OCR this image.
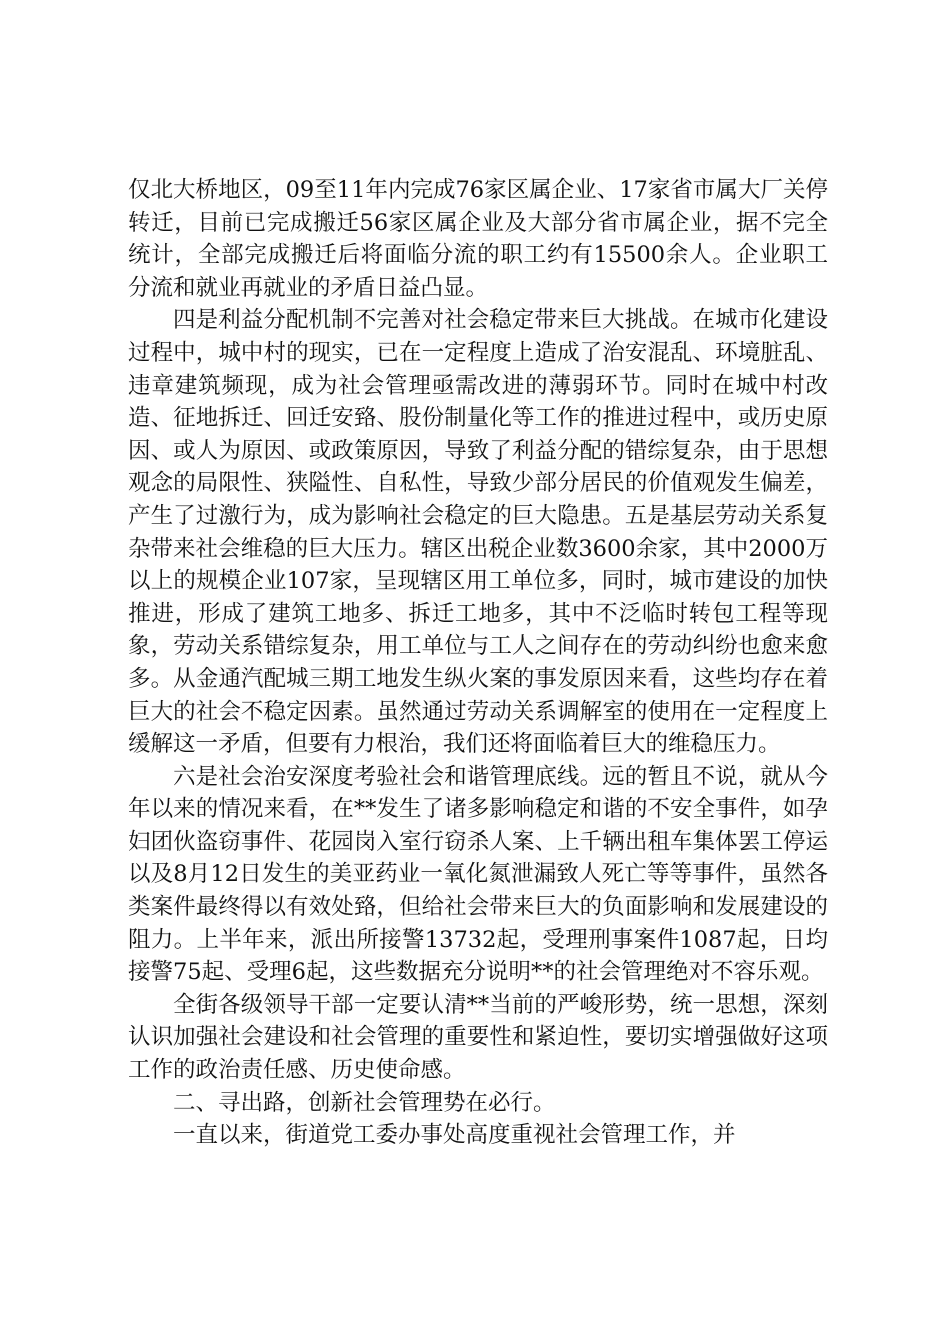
仅北大桥地区，09至11年内完成76家区属企业、17家省市属大厂关停转迁，目前已完成搬迁56家区属企业及大部分省市属企业，据不完全统计，全部完成搬迁后将面临分流的职工约有15500余人。企业职工分流和就业再就业的矛盾日益凸显。

四是利益分配机制不完善对社会稳定带来巨大挑战。在城市化建设过程中，城中村的现实，已在一定程度上造成了治安混乱、环境脏乱、违章建筑频现，成为社会管理亟需改进的薄弱环节。同时在城中村改造、征地拆迁、回迁安臵、股份制量化等工作的推进过程中，或历史原因、或人为原因、或政策原因，导致了利益分配的错综复杂，由于思想观念的局限性、狭隘性、自私性，导致少部分居民的价值观发生偏差，产生了过激行为，成为影响社会稳定的巨大隐患。五是基层劳动关系复杂带来社会维稳的巨大压力。辖区出税企业数3600余家，其中2000万以上的规模企业107家，呈现辖区用工单位多，同时，城市建设的加快推进，形成了建筑工地多、拆迁工地多，其中不泛临时转包工程等现象，劳动关系错综复杂，用工单位与工人之间存在的劳动纠纷也愈来愈多。从金通汽配城三期工地发生纵火案的事发原因来看，这些均存在着巨大的社会不稳定因素。虽然通过劳动关系调解室的使用在一定程度上缓解这一矛盾，但要有力根治，我们还将面临着巨大的维稳压力。

六是社会治安深度考验社会和谐管理底线。远的暂且不说，就从今年以来的情况来看，在**发生了诸多影响稳定和谐的不安全事件，如孕妇团伙盗窃事件、花园岗入室行窃杀人案、上千辆出租车集体罢工停运以及8月12日发生的美亚药业一氧化氮泄漏致人死亡等等事件，虽然各类案件最终得以有效处臵，但给社会带来巨大的负面影响和发展建设的阻力。上半年来，派出所接警13732起，受理刑事案件1087起，日均接警75起、受理6起，这些数据充分说明**的社会管理绝对不容乐观。

全街各级领导干部一定要认清**当前的严峻形势，统一思想，深刻认识加强社会建设和社会管理的重要性和紧迫性，要切实增强做好这项工作的政治责任感、历史使命感。

二、寻出路，创新社会管理势在必行。

一直以来，街道党工委办事处高度重视社会管理工作，并
